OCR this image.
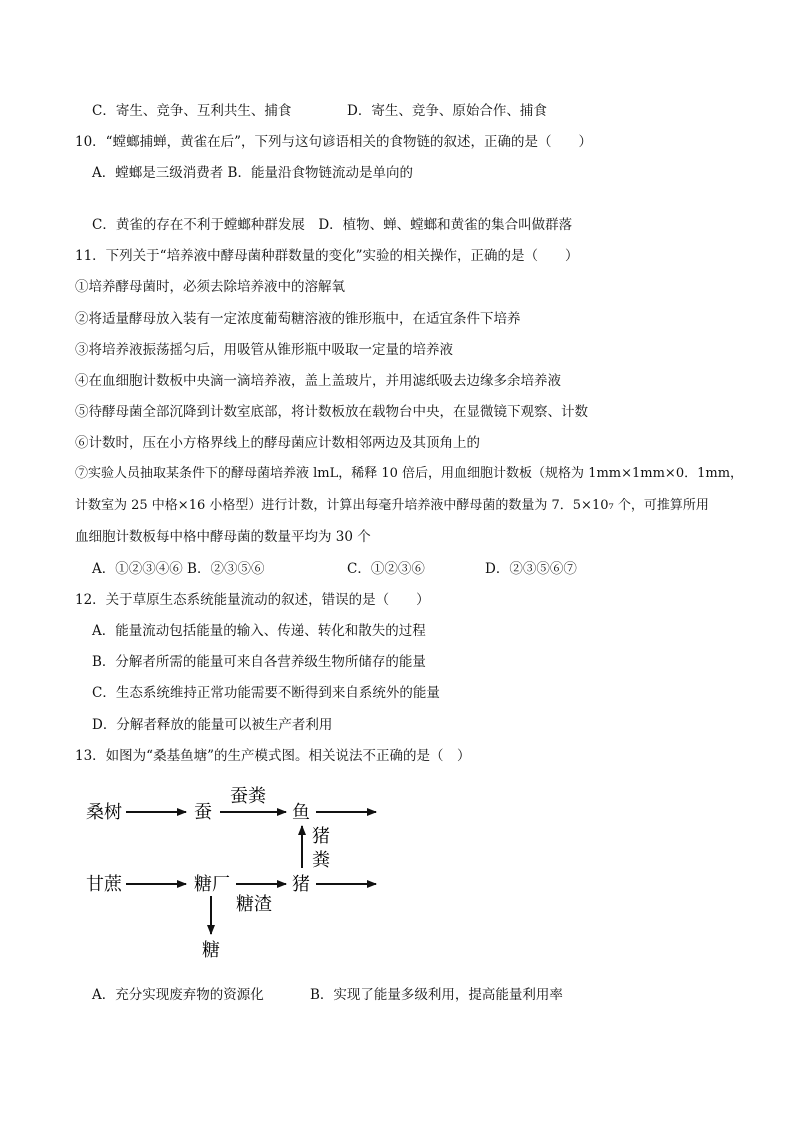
C．寄生、竞争、互利共生、捕食	D．寄生、竞争、原始合作、捕食
10．“螳螂捕蝉，黄雀在后”，下列与这句谚语相关的食物链的叙述，正确的是（　　）
A．螳螂是三级消费者 B．能量沿食物链流动是单向的
C．黄雀的存在不利于螳螂种群发展　D．植物、蝉、螳螂和黄雀的集合叫做群落
11．下列关于“培养液中酵母菌种群数量的变化”实验的相关操作，正确的是（　　）
①培养酵母菌时，必须去除培养液中的溶解氧
②将适量酵母放入装有一定浓度葡萄糖溶液的锥形瓶中，在适宜条件下培养
③将培养液振荡摇匀后，用吸管从锥形瓶中吸取一定量的培养液
④在血细胞计数板中央滴一滴培养液，盖上盖玻片，并用滤纸吸去边缘多余培养液
⑤待酵母菌全部沉降到计数室底部，将计数板放在载物台中央，在显微镜下观察、计数
⑥计数时，压在小方格界线上的酵母菌应计数相邻两边及其顶角上的
⑦实验人员抽取某条件下的酵母菌培养液 lmL，稀释 10 倍后，用血细胞计数板（规格为 1mm×1mm×0．1mm，
计数室为 25 中格×16 小格型）进行计数，计算出每毫升培养液中酵母菌的数量为 7．5×10₇ 个，可推算所用
血细胞计数板每中格中酵母菌的数量平均为 30 个
A．①②③④⑥ B．②③⑤⑥	C．①②③⑥	D．②③⑤⑥⑦
12．关于草原生态系统能量流动的叙述，错误的是（　　）
A．能量流动包括能量的输入、传递、转化和散失的过程
B．分解者所需的能量可来自各营养级生物所储存的能量
C．生态系统维持正常功能需要不断得到来自系统外的能量
D．分解者释放的能量可以被生产者利用
13．如图为“桑基鱼塘”的生产模式图。相关说法不正确的是（　）
桑树	蚕
蚕粪
鱼
猪
粪
甘蔗	糖厂
糖渣
猪
糖
A．充分实现废弃物的资源化	B．实现了能量多级利用，提高能量利用率
